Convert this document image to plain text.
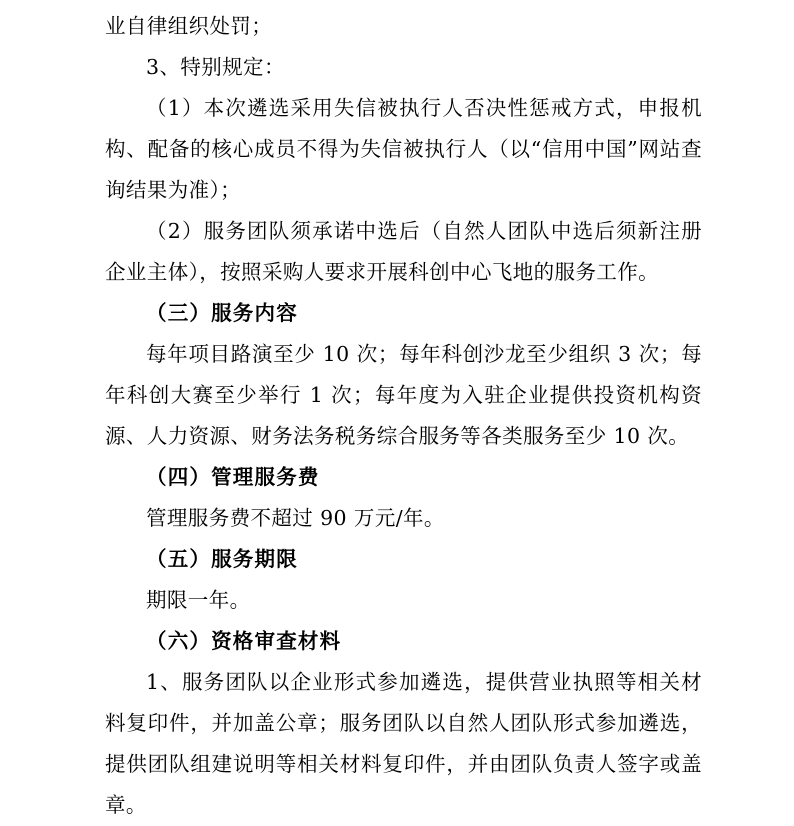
业自律组织处罚；

3、特别规定：

（1）本次遴选采用失信被执行人否决性惩戒方式，申报机构、配备的核心成员不得为失信被执行人（以“信用中国”网站查询结果为准）；

（2）服务团队须承诺中选后（自然人团队中选后须新注册企业主体），按照采购人要求开展科创中心飞地的服务工作。

（三）服务内容

每年项目路演至少 10 次；每年科创沙龙至少组织 3 次；每年科创大赛至少举行 1 次；每年度为入驻企业提供投资机构资源、人力资源、财务法务税务综合服务等各类服务至少 10 次。

（四）管理服务费

管理服务费不超过 90 万元/年。

（五）服务期限

期限一年。

（六）资格审查材料

1、服务团队以企业形式参加遴选，提供营业执照等相关材料复印件，并加盖公章；服务团队以自然人团队形式参加遴选，提供团队组建说明等相关材料复印件，并由团队负责人签字或盖章。
